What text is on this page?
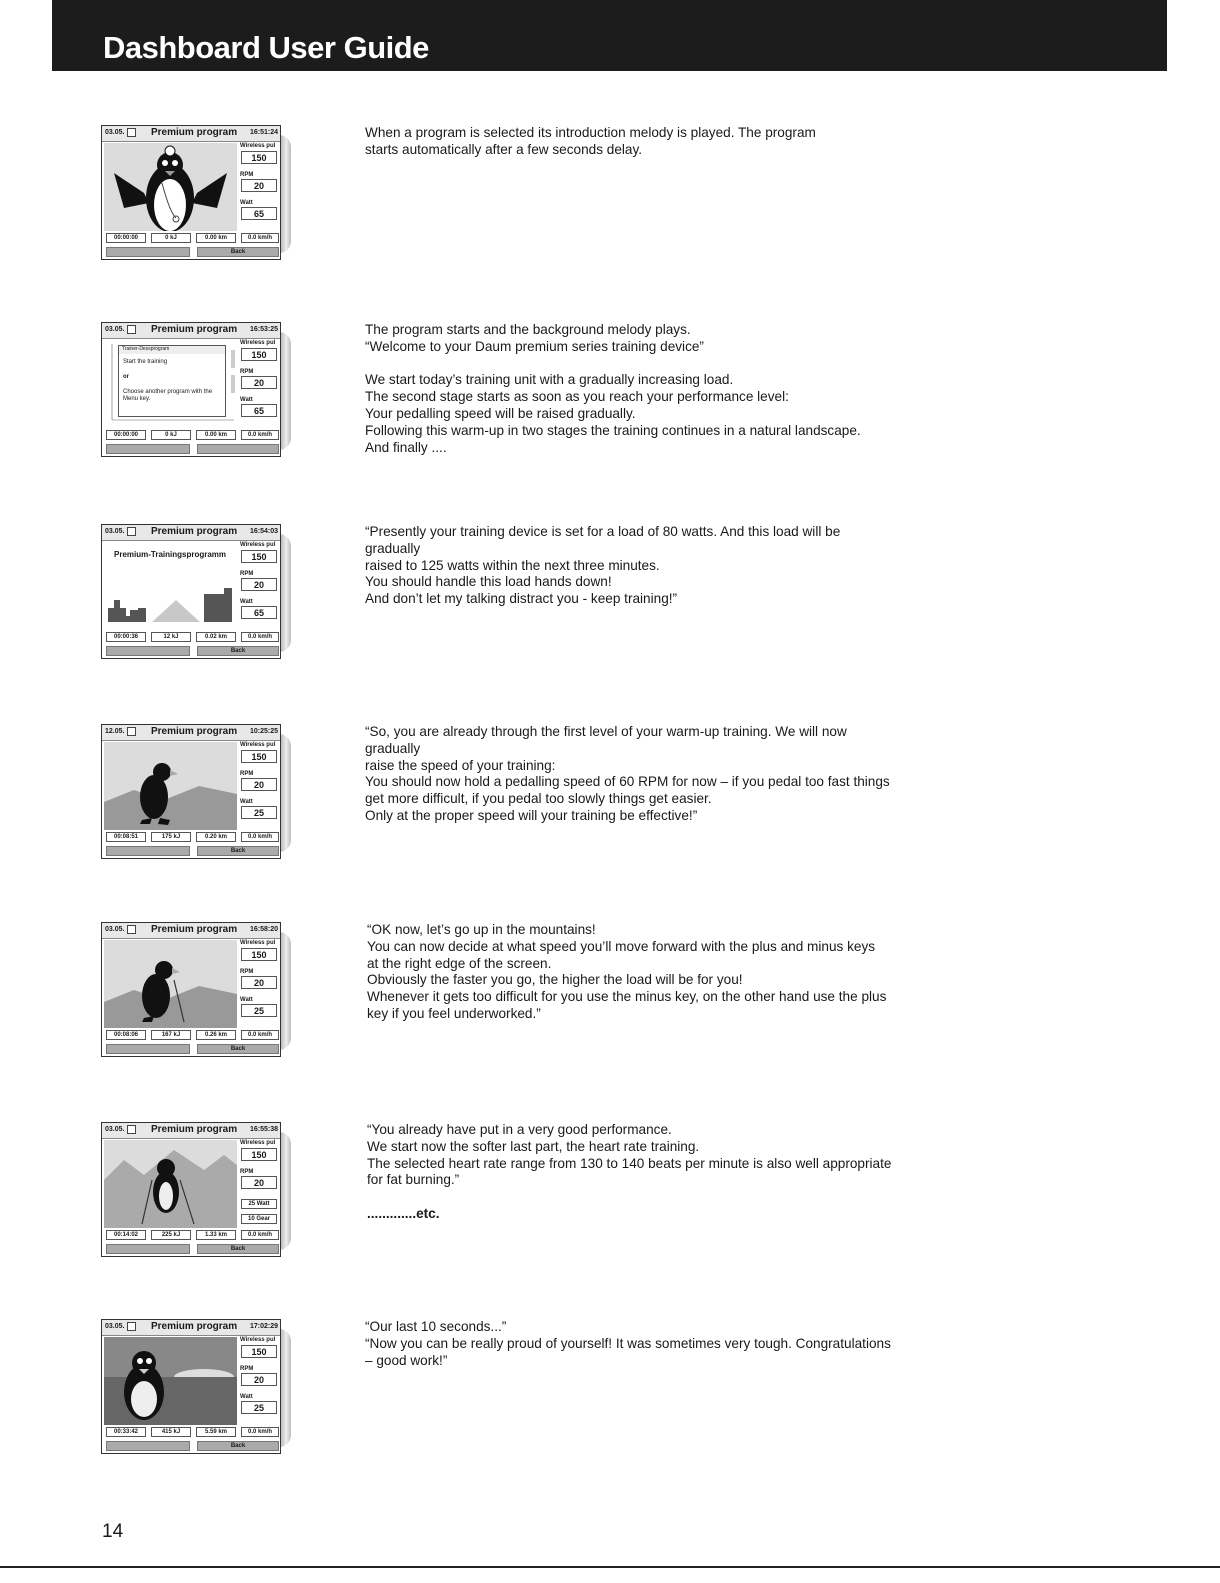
Dashboard User Guide
03.05.	Premium program 16:51:24
Wireless pul
150
RPM
20
Watt
65
00:00:00	0 kJ	0.00 km	0.0 km/h
Back

When a program is selected its introduction melody is played. The program
starts automatically after a few seconds delay.

03.05.	Premium program 16:53:25
Trainer-Dessprogram
Start the training
or
Choose another program with the Menu key.
Wireless pul
150
RPM
20
Watt
65
00:00:00	0 kJ	0.00 km	0.0 km/h

The program starts and the background melody plays.
“Welcome to your Daum premium series training device”

We start today’s training unit with a gradually increasing load.
The second stage starts as soon as you reach your performance level:
Your pedalling speed will be raised gradually.
Following this warm-up in two stages the training continues in a natural landscape.
And finally ....

03.05.	Premium program 16:54:03
Premium-Trainingsprogramm
Wireless pul
150
RPM
20
Watt
65
00:00:36	12 kJ	0.02 km	0.0 km/h
Back

“Presently your training device is set for a load of 80 watts. And this load will be gradually
raised to 125 watts within the next three minutes.
You should handle this load hands down!
And don’t let my talking distract you - keep training!”

12.05.	Premium program 10:25:25
Wireless pul
150
RPM
20
Watt
25
00:08:51	175 kJ	0.20 km	0.0 km/h
Back

“So, you are already through the first level of your warm-up training. We will now gradually
raise the speed of your training:
You should now hold a pedalling speed of 60 RPM for now – if you pedal too fast things
get more difficult, if you pedal too slowly things get easier.
Only at the proper speed will your training be effective!”

03.05.	Premium program 16:58:20
Wireless pul
150
RPM
20
Watt
25
00:08:06	167 kJ	0.26 km	0.0 km/h
Back

“OK now, let’s go up in the mountains!
You can now decide at what speed you’ll move forward with the plus and minus keys
at the right edge of the screen.
Obviously the faster you go, the higher the load will be for you!
Whenever it gets too difficult for you use the minus key, on the other hand use the plus
key if you feel underworked.”

03.05.	Premium program 16:55:38
Wireless pul
150
RPM
20
25 Watt
10 Gear
00:14:02	225 kJ	1.33 km	0.0 km/h
Back

“You already have put in a very good performance.
We start now the softer last part, the heart rate training.
The selected heart rate range from 130 to 140 beats per minute is also well appropriate
for fat burning.”

.............etc.

03.05.	Premium program 17:02:29
Wireless pul
150
RPM
20
Watt
25
00:33:42	415 kJ	5.59 km	0.0 km/h
Back

“Our last 10 seconds...”
“Now you can be really proud of yourself! It was sometimes very tough. Congratulations
– good work!”

14
